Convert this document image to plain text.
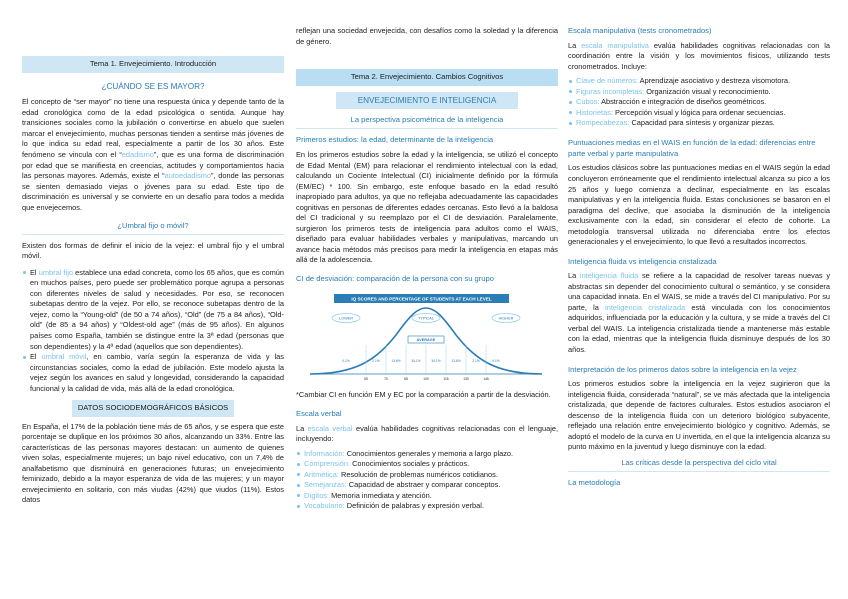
Tema 1. Envejecimiento. Introducción
¿CUÁNDO SE ES MAYOR?

El concepto de “ser mayor” no tiene una respuesta única y depende tanto de la edad cronológica como de la edad psicológica o sentida. Aunque hay transiciones sociales como la jubilación o convertirse en abuelo que suelen marcar el envejecimiento, muchas personas tienden a sentirse más jóvenes de lo que indica su edad real, especialmente a partir de los 30 años. Este fenómeno se vincula con el “edadismo”, que es una forma de discriminación por edad que se manifiesta en creencias, actitudes y comportamientos hacia las personas mayores. Además, existe el “autoedadismo”, donde las personas se sienten demasiado viejas o jóvenes para su edad. Este tipo de discriminación es universal y se convierte en un desafío para todos a medida que envejecemos.

¿Umbral fijo o móvil?

Existen dos formas de definir el inicio de la vejez: el umbral fijo y el umbral móvil.

El umbral fijo establece una edad concreta, como los 65 años, que es común en muchos países, pero puede ser problemático porque agrupa a personas con diferentes niveles de salud y necesidades. Por eso, se reconocen subetapas dentro de la vejez. Por ello, se reconoce subetapas dentro de la vejez, como la “Young-old” (de 50 a 74 años), “Old” (de 75 a 84 años), “Old-old” (de 85 a 94 años) y “Oldest-old age” (más de 95 años). En algunos países como España, también se distingue entre la 3ª edad (personas que son dependientes) y la 4ª edad (aquellos que son dependientes).
El umbral móvil, en cambio, varía según la esperanza de vida y las circunstancias sociales, como la edad de jubilación. Este modelo ajusta la vejez según los avances en salud y longevidad, considerando la capacidad funcional y la calidad de vida, más allá de la edad cronológica.
DATOS SOCIODEMOGRÁFICOS BÁSICOS

En España, el 17% de la población tiene más de 65 años, y se espera que este porcentaje se duplique en los próximos 30 años, alcanzando un 33%. Entre las características de las personas mayores destacan: un aumento de quienes viven solas, especialmente mujeres; un bajo nivel educativo, con un 7,4% de analfabetismo que disminuirá en generaciones futuras; un envejecimiento feminizado, debido a la mayor esperanza de vida de las mujeres; y un mayor envejecimiento en solitario, con más viudas (42%) que viudos (11%). Estos datos

reflejan una sociedad envejecida, con desafíos como la soledad y la diferencia de género.

Tema 2. Envejecimiento. Cambios Cognitivos
ENVEJECIMIENTO E INTELIGENCIA
La perspectiva psicométrica de la inteligencia
Primeros estudios: la edad, determinante de la inteligencia

En los primeros estudios sobre la edad y la inteligencia, se utilizó el concepto de Edad Mental (EM) para relacionar el rendimiento intelectual con la edad, calculando un Cociente Intelectual (CI) inicialmente definido por la fórmula (EM/EC) * 100. Sin embargo, este enfoque basado en la edad resultó inapropiado para adultos, ya que no reflejaba adecuadamente las capacidades cognitivas en personas de diferentes edades cercanas. Esto llevó a la baldosa del CI tradicional y su reemplazo por el CI de desviación. Paralelamente, surgieron los primeros tests de inteligencia para adultos como el WAIS, diseñado para evaluar habilidades verbales y manipulativas, marcando un avance hacia métodos más precisos para medir la inteligencia en etapas más allá de la adolescencia.

CI de desviación: comparación de la persona con su grupo
IQ SCORES AND PERCENTAGE OF STUDENTS AT EACH LEVEL
LOWER	TYPICAL	HIGHER
AVERAGE
0.1%	2.1%	13.6%	34.1%	34.1%	13.6%	2.1%	0.1%
55	70	85	100	115	130	145

*Cambiar CI en función EM y EC por la comparación a partir de la desviación.

Escala verbal

La escala verbal evalúa habilidades cognitivas relacionadas con el lenguaje, incluyendo:

Información: Conocimientos generales y memoria a largo plazo.
Comprensión: Conocimientos sociales y prácticos.
Aritmética: Resolución de problemas numéricos cotidianos.
Semejanzas: Capacidad de abstraer y comparar conceptos.
Dígitos: Memoria inmediata y atención.
Vocabulario: Definición de palabras y expresión verbal.
Escala manipulativa (tests cronometrados)

La escala manipulativa evalúa habilidades cognitivas relacionadas con la coordinación entre la visión y los movimientos físicos, utilizando tests cronometrados. Incluye:

Clave de números: Aprendizaje asociativo y destreza visomotora.
Figuras incompletas: Organización visual y reconocimiento.
Cubos: Abstracción e integración de diseños geométricos.
Historietas: Percepción visual y lógica para ordenar secuencias.
Rompecabezas: Capacidad para síntesis y organizar piezas.
Puntuaciones medias en el WAIS en función de la edad: diferencias entre parte verbal y parte manipulativa

Los estudios clásicos sobre las puntuaciones medias en el WAIS según la edad concluyeron erróneamente que el rendimiento intelectual alcanza su pico a los 25 años y luego comienza a declinar, especialmente en las escalas manipulativas y en la inteligencia fluida. Estas conclusiones se basaron en el paradigma del declive, que asociaba la disminución de la inteligencia exclusivamente con la edad, sin considerar el efecto de cohorte. La metodología transversal utilizada no diferenciaba entre los efectos generacionales y el envejecimiento, lo que llevó a resultados incorrectos.

Inteligencia fluida vs inteligencia cristalizada

La inteligencia fluida se refiere a la capacidad de resolver tareas nuevas y abstractas sin depender del conocimiento cultural o semántico, y se considera una capacidad innata. En el WAIS, se mide a través del CI manipulativo. Por su parte, la inteligencia cristalizada está vinculada con los conocimientos adquiridos, influenciada por la educación y la cultura, y se mide a través del CI verbal del WAIS. La inteligencia cristalizada tiende a mantenerse más estable con la edad, mientras que la inteligencia fluida disminuye después de los 30 años.

Interpretación de los primeros datos sobre la inteligencia en la vejez

Los primeros estudios sobre la inteligencia en la vejez sugirieron que la inteligencia fluida, considerada “natural”, se ve más afectada que la inteligencia cristalizada, que depende de factores culturales. Estos estudios asociaron el descenso de la inteligencia fluida con un deterioro biológico subyacente, reflejado una relación entre envejecimiento biológico y cognitivo. Además, se adoptó el modelo de la curva en U invertida, en el que la inteligencia alcanza su punto máximo en la juventud y luego disminuye con la edad.

Las críticas desde la perspectiva del ciclo vital
La metodología
